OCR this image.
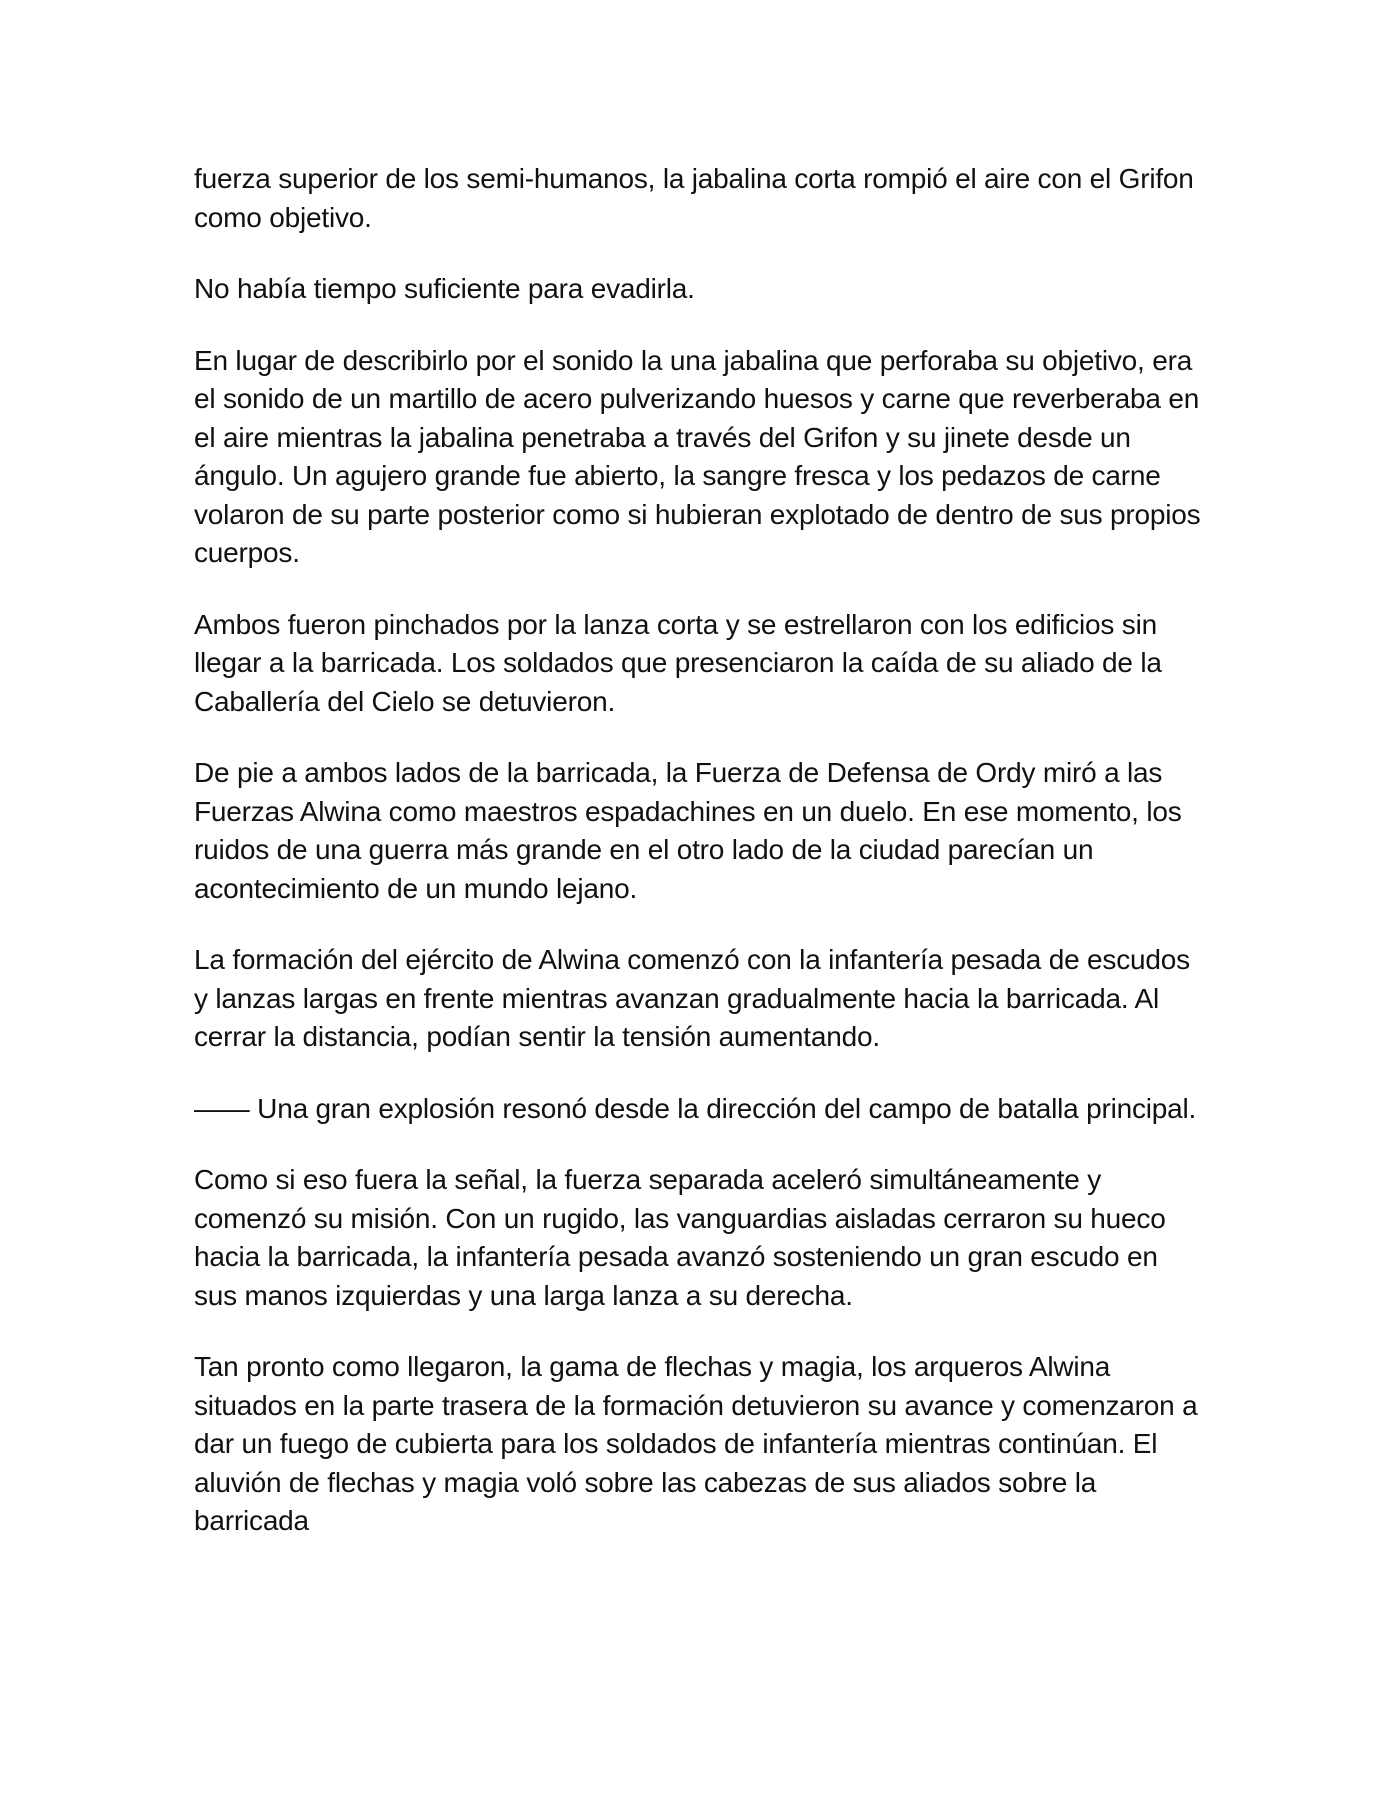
fuerza superior de los semi-humanos, la jabalina corta rompió el aire con el Grifon como objetivo.

No había tiempo suficiente para evadirla.

En lugar de describirlo por el sonido la una jabalina que perforaba su objetivo, era el sonido de un martillo de acero pulverizando huesos y carne que reverberaba en el aire mientras la jabalina penetraba a través del Grifon y su jinete desde un ángulo. Un agujero grande fue abierto, la sangre fresca y los pedazos de carne volaron de su parte posterior como si hubieran explotado de dentro de sus propios cuerpos.

Ambos fueron pinchados por la lanza corta y se estrellaron con los edificios sin llegar a la barricada. Los soldados que presenciaron la caída de su aliado de la Caballería del Cielo se detuvieron.

De pie a ambos lados de la barricada, la Fuerza de Defensa de Ordy miró a las Fuerzas Alwina como maestros espadachines en un duelo. En ese momento, los ruidos de una guerra más grande en el otro lado de la ciudad parecían un acontecimiento de un mundo lejano.

La formación del ejército de Alwina comenzó con la infantería pesada de escudos y lanzas largas en frente mientras avanzan gradualmente hacia la barricada. Al cerrar la distancia, podían sentir la tensión aumentando.

—— Una gran explosión resonó desde la dirección del campo de batalla principal.

Como si eso fuera la señal, la fuerza separada aceleró simultáneamente y comenzó su misión. Con un rugido, las vanguardias aisladas cerraron su hueco hacia la barricada, la infantería pesada avanzó sosteniendo un gran escudo en sus manos izquierdas y una larga lanza a su derecha.

Tan pronto como llegaron, la gama de flechas y magia, los arqueros Alwina situados en la parte trasera de la formación detuvieron su avance y comenzaron a dar un fuego de cubierta para los soldados de infantería mientras continúan. El aluvión de flechas y magia voló sobre las cabezas de sus aliados sobre la barricada
